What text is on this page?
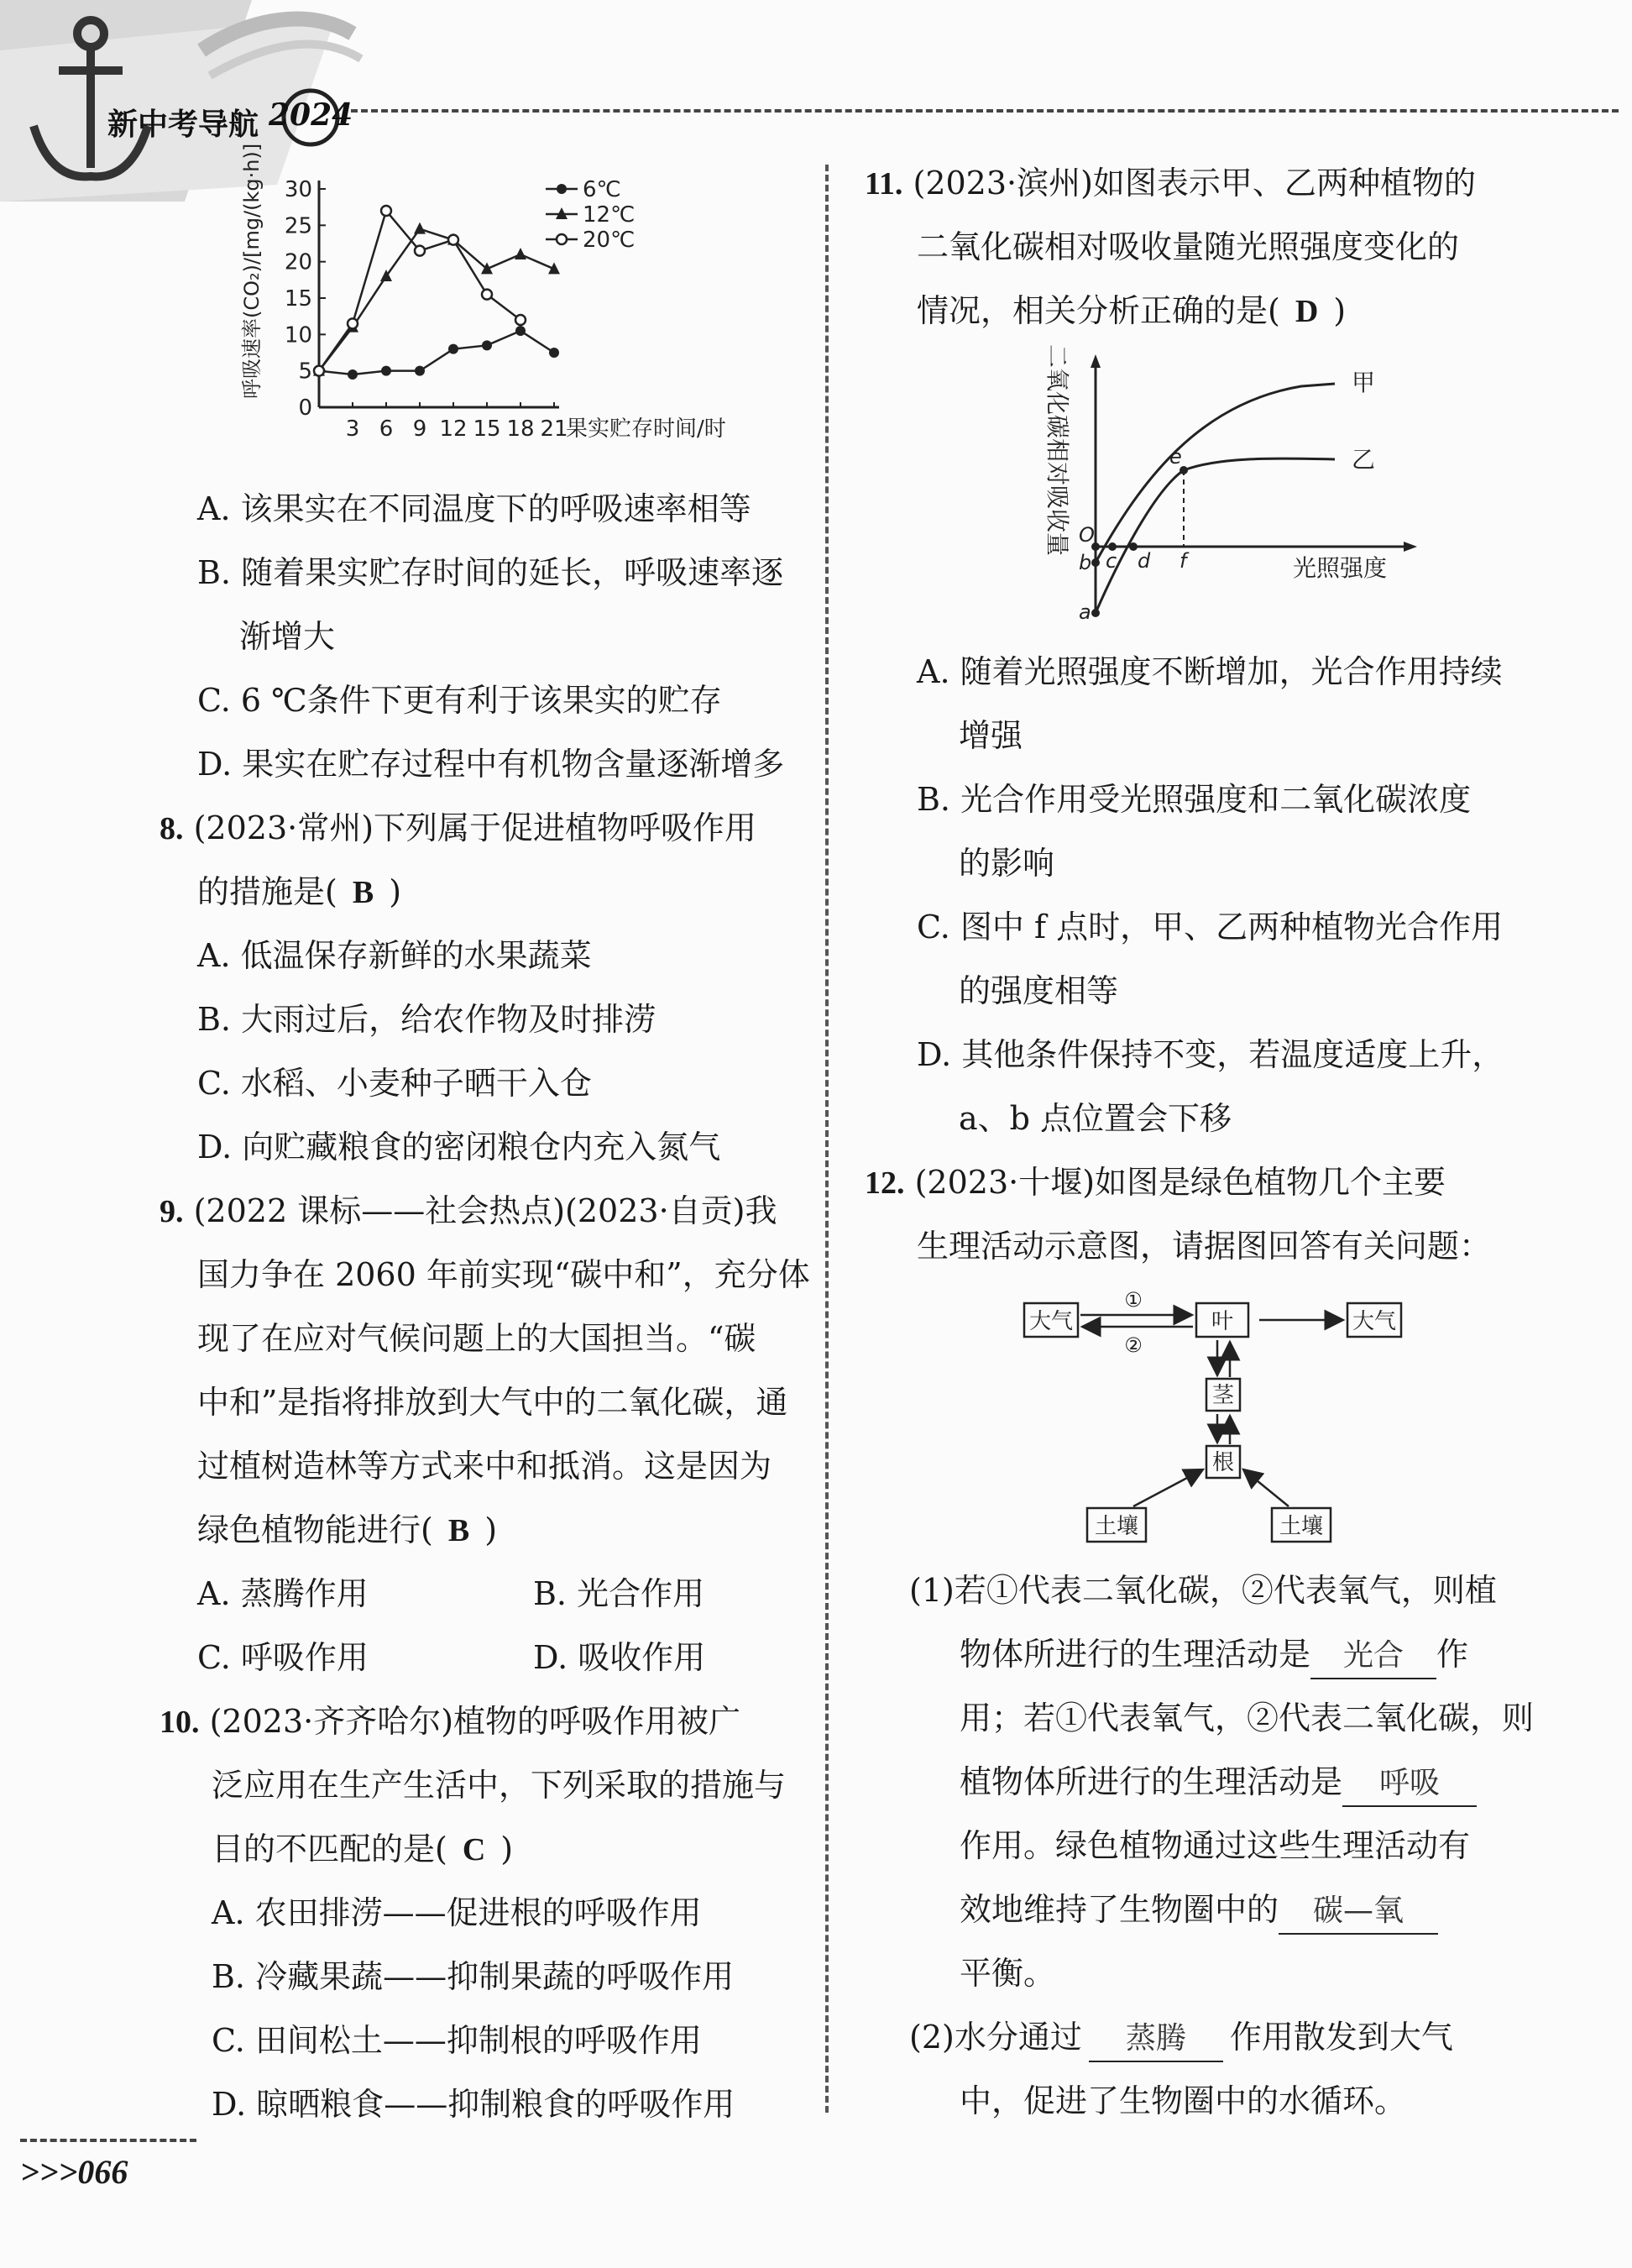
新中考导航 2024
0
5
10
15
20
25
30
3 6 9 12 15 18 21
果实贮存时间/时
呼吸速率(CO₂)/[mg/(kg·h)]	6℃
12℃
20℃
A. 该果实在不同温度下的呼吸速率相等
B. 随着果实贮存时间的延长，呼吸速率逐
渐增大
C. 6 ℃条件下更有利于该果实的贮存
D. 果实在贮存过程中有机物含量逐渐增多
8. (2023·常州)下列属于促进植物呼吸作用
的措施是( B )
A. 低温保存新鲜的水果蔬菜
B. 大雨过后，给农作物及时排涝
C. 水稻、小麦种子晒干入仓
D. 向贮藏粮食的密闭粮仓内充入氮气
9. (2022 课标——社会热点)(2023·自贡)我
国力争在 2060 年前实现“碳中和”，充分体
现了在应对气候问题上的大国担当。“碳
中和”是指将排放到大气中的二氧化碳，通
过植树造林等方式来中和抵消。这是因为
绿色植物能进行( B )
A. 蒸腾作用	B. 光合作用
C. 呼吸作用	D. 吸收作用
10. (2023·齐齐哈尔)植物的呼吸作用被广
泛应用在生产生活中，下列采取的措施与
目的不匹配的是( C )
A. 农田排涝——促进根的呼吸作用
B. 冷藏果蔬——抑制果蔬的呼吸作用
C. 田间松土——抑制根的呼吸作用
D. 晾晒粮食——抑制粮食的呼吸作用
11. (2023·滨州)如图表示甲、乙两种植物的
二氧化碳相对吸收量随光照强度变化的
情况，相关分析正确的是( D )
二氧化碳相对吸收量 O
b c d
e
f
a
甲
乙
光照强度
A. 随着光照强度不断增加，光合作用持续
增强
B. 光合作用受光照强度和二氧化碳浓度
的影响
C. 图中 f 点时，甲、乙两种植物光合作用
的强度相等
D. 其他条件保持不变，若温度适度上升，
a、b 点位置会下移
12. (2023·十堰)如图是绿色植物几个主要
生理活动示意图，请据图回答有关问题：
大气	叶	大气
茎
根
土壤	土壤
①
②
(1)若①代表二氧化碳，②代表氧气，则植
物体所进行的生理活动是 光合 作
用；若①代表氧气，②代表二氧化碳，则
植物体所进行的生理活动是 呼吸
作用。绿色植物通过这些生理活动有
效地维持了生物圈中的 碳—氧
平衡。
(2)水分通过 蒸腾 作用散发到大气
中，促进了生物圈中的水循环。
>>>066
